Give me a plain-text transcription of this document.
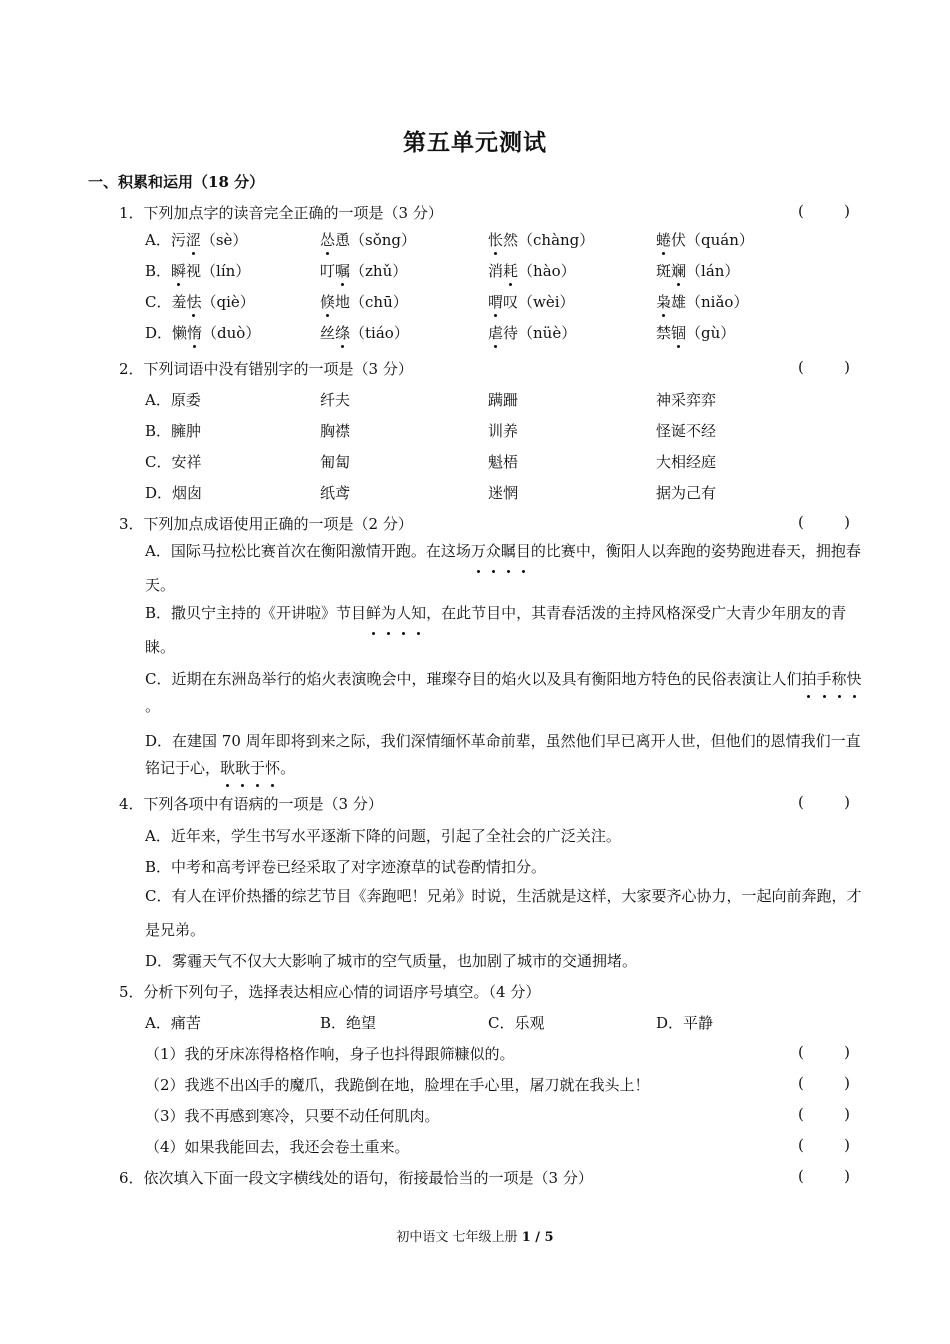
第五单元测试
一、积累和运用（18 分）
1．下列加点字的读音完全正确的一项是（3 分）	(	)
A．污涩（sè）	怂恿（sǒng）	怅然（chàng）	蜷伏（quán）
B．瞬视（lín）	叮嘱（zhǔ）	消耗（hào）	斑斓（lán）
C．羞怯（qiè）	倏地（chū）	喟叹（wèi）	枭雄（niǎo）
D．懒惰（duò）	丝绦（tiáo）	虐待（nüè）	禁锢（gù）
2．下列词语中没有错别字的一项是（3 分）	(	)
A．原委	纤夫	蹒跚	神采弈弈
B．臃肿	胸襟	训养	怪诞不经
C．安祥	匍匐	魁梧	大相经庭
D．烟囱	纸鸢	迷惘	据为己有
3．下列加点成语使用正确的一项是（2 分）	(	)
A．国际马拉松比赛首次在衡阳激情开跑。在这场万众瞩目的比赛中，衡阳人以奔跑的姿势跑进春天，拥抱春天。
B．撒贝宁主持的《开讲啦》节目鲜为人知，在此节目中，其青春活泼的主持风格深受广大青少年朋友的青睐。
C．近期在东洲岛举行的焰火表演晚会中，璀璨夺目的焰火以及具有衡阳地方特色的民俗表演让人们拍手称快。
D．在建国 70 周年即将到来之际，我们深情缅怀革命前辈，虽然他们早已离开人世，但他们的恩情我们一直铭记于心，耿耿于怀。
4．下列各项中有语病的一项是（3 分）	(	)
A．近年来，学生书写水平逐渐下降的问题，引起了全社会的广泛关注。
B．中考和高考评卷已经采取了对字迹潦草的试卷酌情扣分。
C．有人在评价热播的综艺节目《奔跑吧！兄弟》时说，生活就是这样，大家要齐心协力，一起向前奔跑，才是兄弟。
D．雾霾天气不仅大大影响了城市的空气质量，也加剧了城市的交通拥堵。
5．分析下列句子，选择表达相应心情的词语序号填空。（4 分）
A．痛苦	B．绝望	C．乐观	D．平静
（1）我的牙床冻得格格作响，身子也抖得跟筛糠似的。	(	)
（2）我逃不出凶手的魔爪，我跪倒在地，脸埋在手心里，屠刀就在我头上！	(	)
（3）我不再感到寒冷，只要不动任何肌肉。	(	)
（4）如果我能回去，我还会卷土重来。	(	)
6．依次填入下面一段文字横线处的语句，衔接最恰当的一项是（3 分）	(	)
初中语文 七年级上册 1 / 5
